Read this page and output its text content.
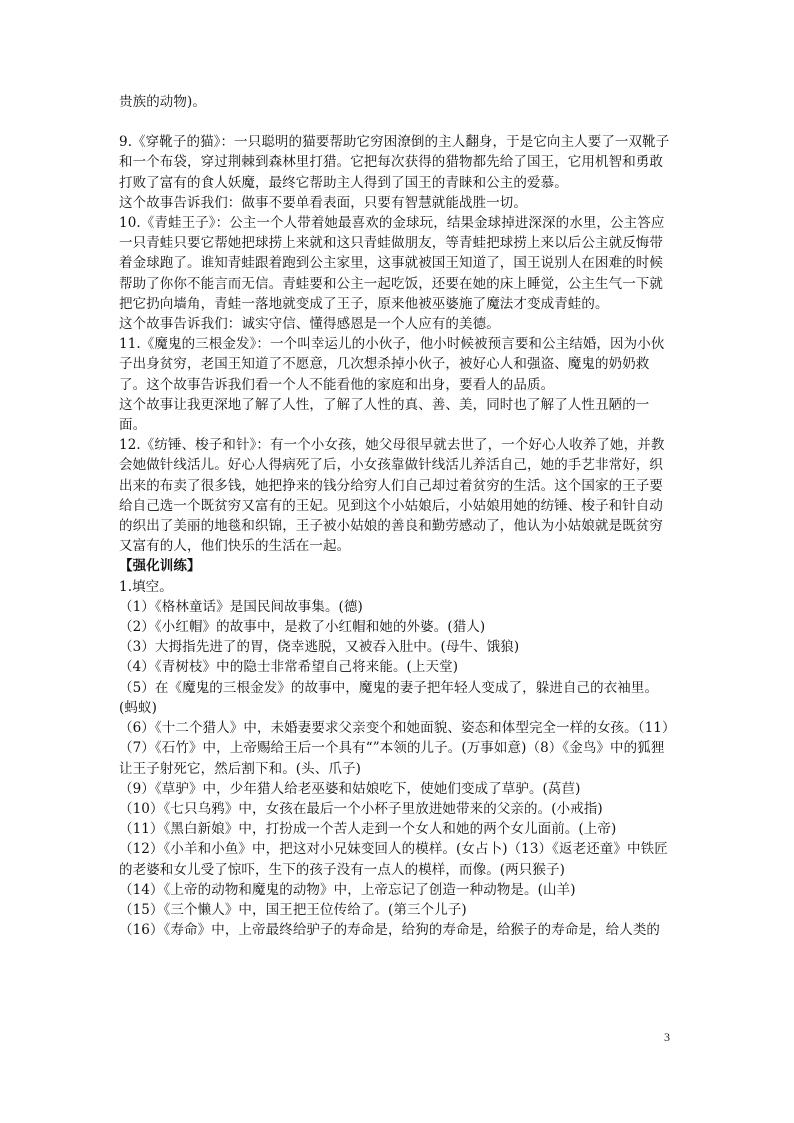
贵族的动物)。

9.《穿靴子的猫》：一只聪明的猫要帮助它穷困潦倒的主人翻身，于是它向主人要了一双靴子和一个布袋，穿过荆棘到森林里打猎。它把每次获得的猎物都先给了国王，它用机智和勇敢打败了富有的食人妖魔，最终它帮助主人得到了国王的青睐和公主的爱慕。

这个故事告诉我们：做事不要单看表面，只要有智慧就能战胜一切。

10.《青蛙王子》：公主一个人带着她最喜欢的金球玩，结果金球掉进深深的水里，公主答应一只青蛙只要它帮她把球捞上来就和这只青蛙做朋友，等青蛙把球捞上来以后公主就反悔带着金球跑了。谁知青蛙跟着跑到公主家里，这事就被国王知道了，国王说别人在困难的时候帮助了你你不能言而无信。青蛙要和公主一起吃饭，还要在她的床上睡觉，公主生气一下就把它扔向墙角，青蛙一落地就变成了王子，原来他被巫婆施了魔法才变成青蛙的。

这个故事告诉我们：诚实守信、懂得感恩是一个人应有的美德。

11.《魔鬼的三根金发》：一个叫幸运儿的小伙子，他小时候被预言要和公主结婚，因为小伙子出身贫穷，老国王知道了不愿意，几次想杀掉小伙子，被好心人和强盗、魔鬼的奶奶救了。这个故事告诉我们看一个人不能看他的家庭和出身，要看人的品质。

这个故事让我更深地了解了人性，了解了人性的真、善、美，同时也了解了人性丑陋的一面。

12.《纺锤、梭子和针》：有一个小女孩，她父母很早就去世了，一个好心人收养了她，并教会她做针线活儿。好心人得病死了后，小女孩靠做针线活儿养活自己，她的手艺非常好，织出来的布卖了很多钱，她把挣来的钱分给穷人们自己却过着贫穷的生活。这个国家的王子要给自己选一个既贫穷又富有的王妃。见到这个小姑娘后，小姑娘用她的纺锤、梭子和针自动的织出了美丽的地毯和织锦，王子被小姑娘的善良和勤劳感动了，他认为小姑娘就是既贫穷又富有的人，他们快乐的生活在一起。

【强化训练】

1.填空。

（1）《格林童话》是国民间故事集。(德)

（2）《小红帽》的故事中，是救了小红帽和她的外婆。(猎人)

（3）大拇指先进了的胃，侥幸逃脱，又被吞入肚中。(母牛、饿狼)

（4）《青树枝》中的隐士非常希望自己将来能。(上天堂)

（5）在《魔鬼的三根金发》的故事中，魔鬼的妻子把年轻人变成了，躲进自己的衣袖里。(蚂蚁)

（6）《十二个猎人》中，未婚妻要求父亲变个和她面貌、姿态和体型完全一样的女孩。（11）

（7）《石竹》中，上帝赐给王后一个具有“”本领的儿子。(万事如意)（8）《金鸟》中的狐狸让王子射死它，然后割下和。(头、爪子)

（9）《草驴》中，少年猎人给老巫婆和姑娘吃下，使她们变成了草驴。(莴苣)

（10）《七只乌鸦》中，女孩在最后一个小杯子里放进她带来的父亲的。(小戒指)

（11）《黑白新娘》中，打扮成一个苦人走到一个女人和她的两个女儿面前。(上帝)

（12）《小羊和小鱼》中，把这对小兄妹变回人的模样。(女占卜)（13）《返老还童》中铁匠的老婆和女儿受了惊吓，生下的孩子没有一点人的模样，而像。(两只猴子)

（14）《上帝的动物和魔鬼的动物》中，上帝忘记了创造一种动物是。(山羊)

（15）《三个懒人》中，国王把王位传给了。(第三个儿子)

（16）《寿命》中，上帝最终给驴子的寿命是，给狗的寿命是，给猴子的寿命是，给人类的

3
